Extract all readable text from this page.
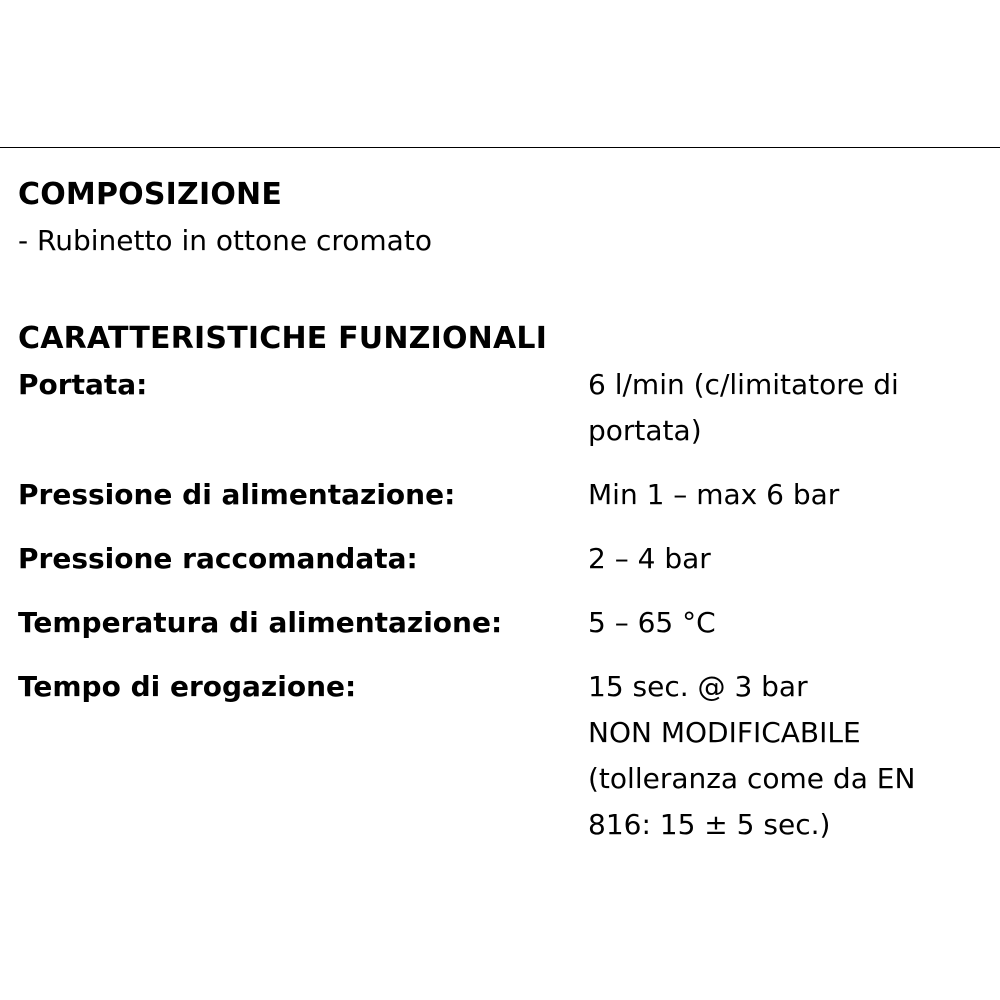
COMPOSIZIONE

- Rubinetto in ottone cromato

CARATTERISTICHE FUNZIONALI
Portata:	6 l/min (c/limitatore di
portata)
Pressione di alimentazione:	Min 1 – max 6 bar
Pressione raccomandata:	2 – 4 bar
Temperatura di alimentazione:	5 – 65 °C
Tempo di erogazione:	15 sec. @ 3 bar
NON MODIFICABILE
(tolleranza come da EN
816: 15 ± 5 sec.)
